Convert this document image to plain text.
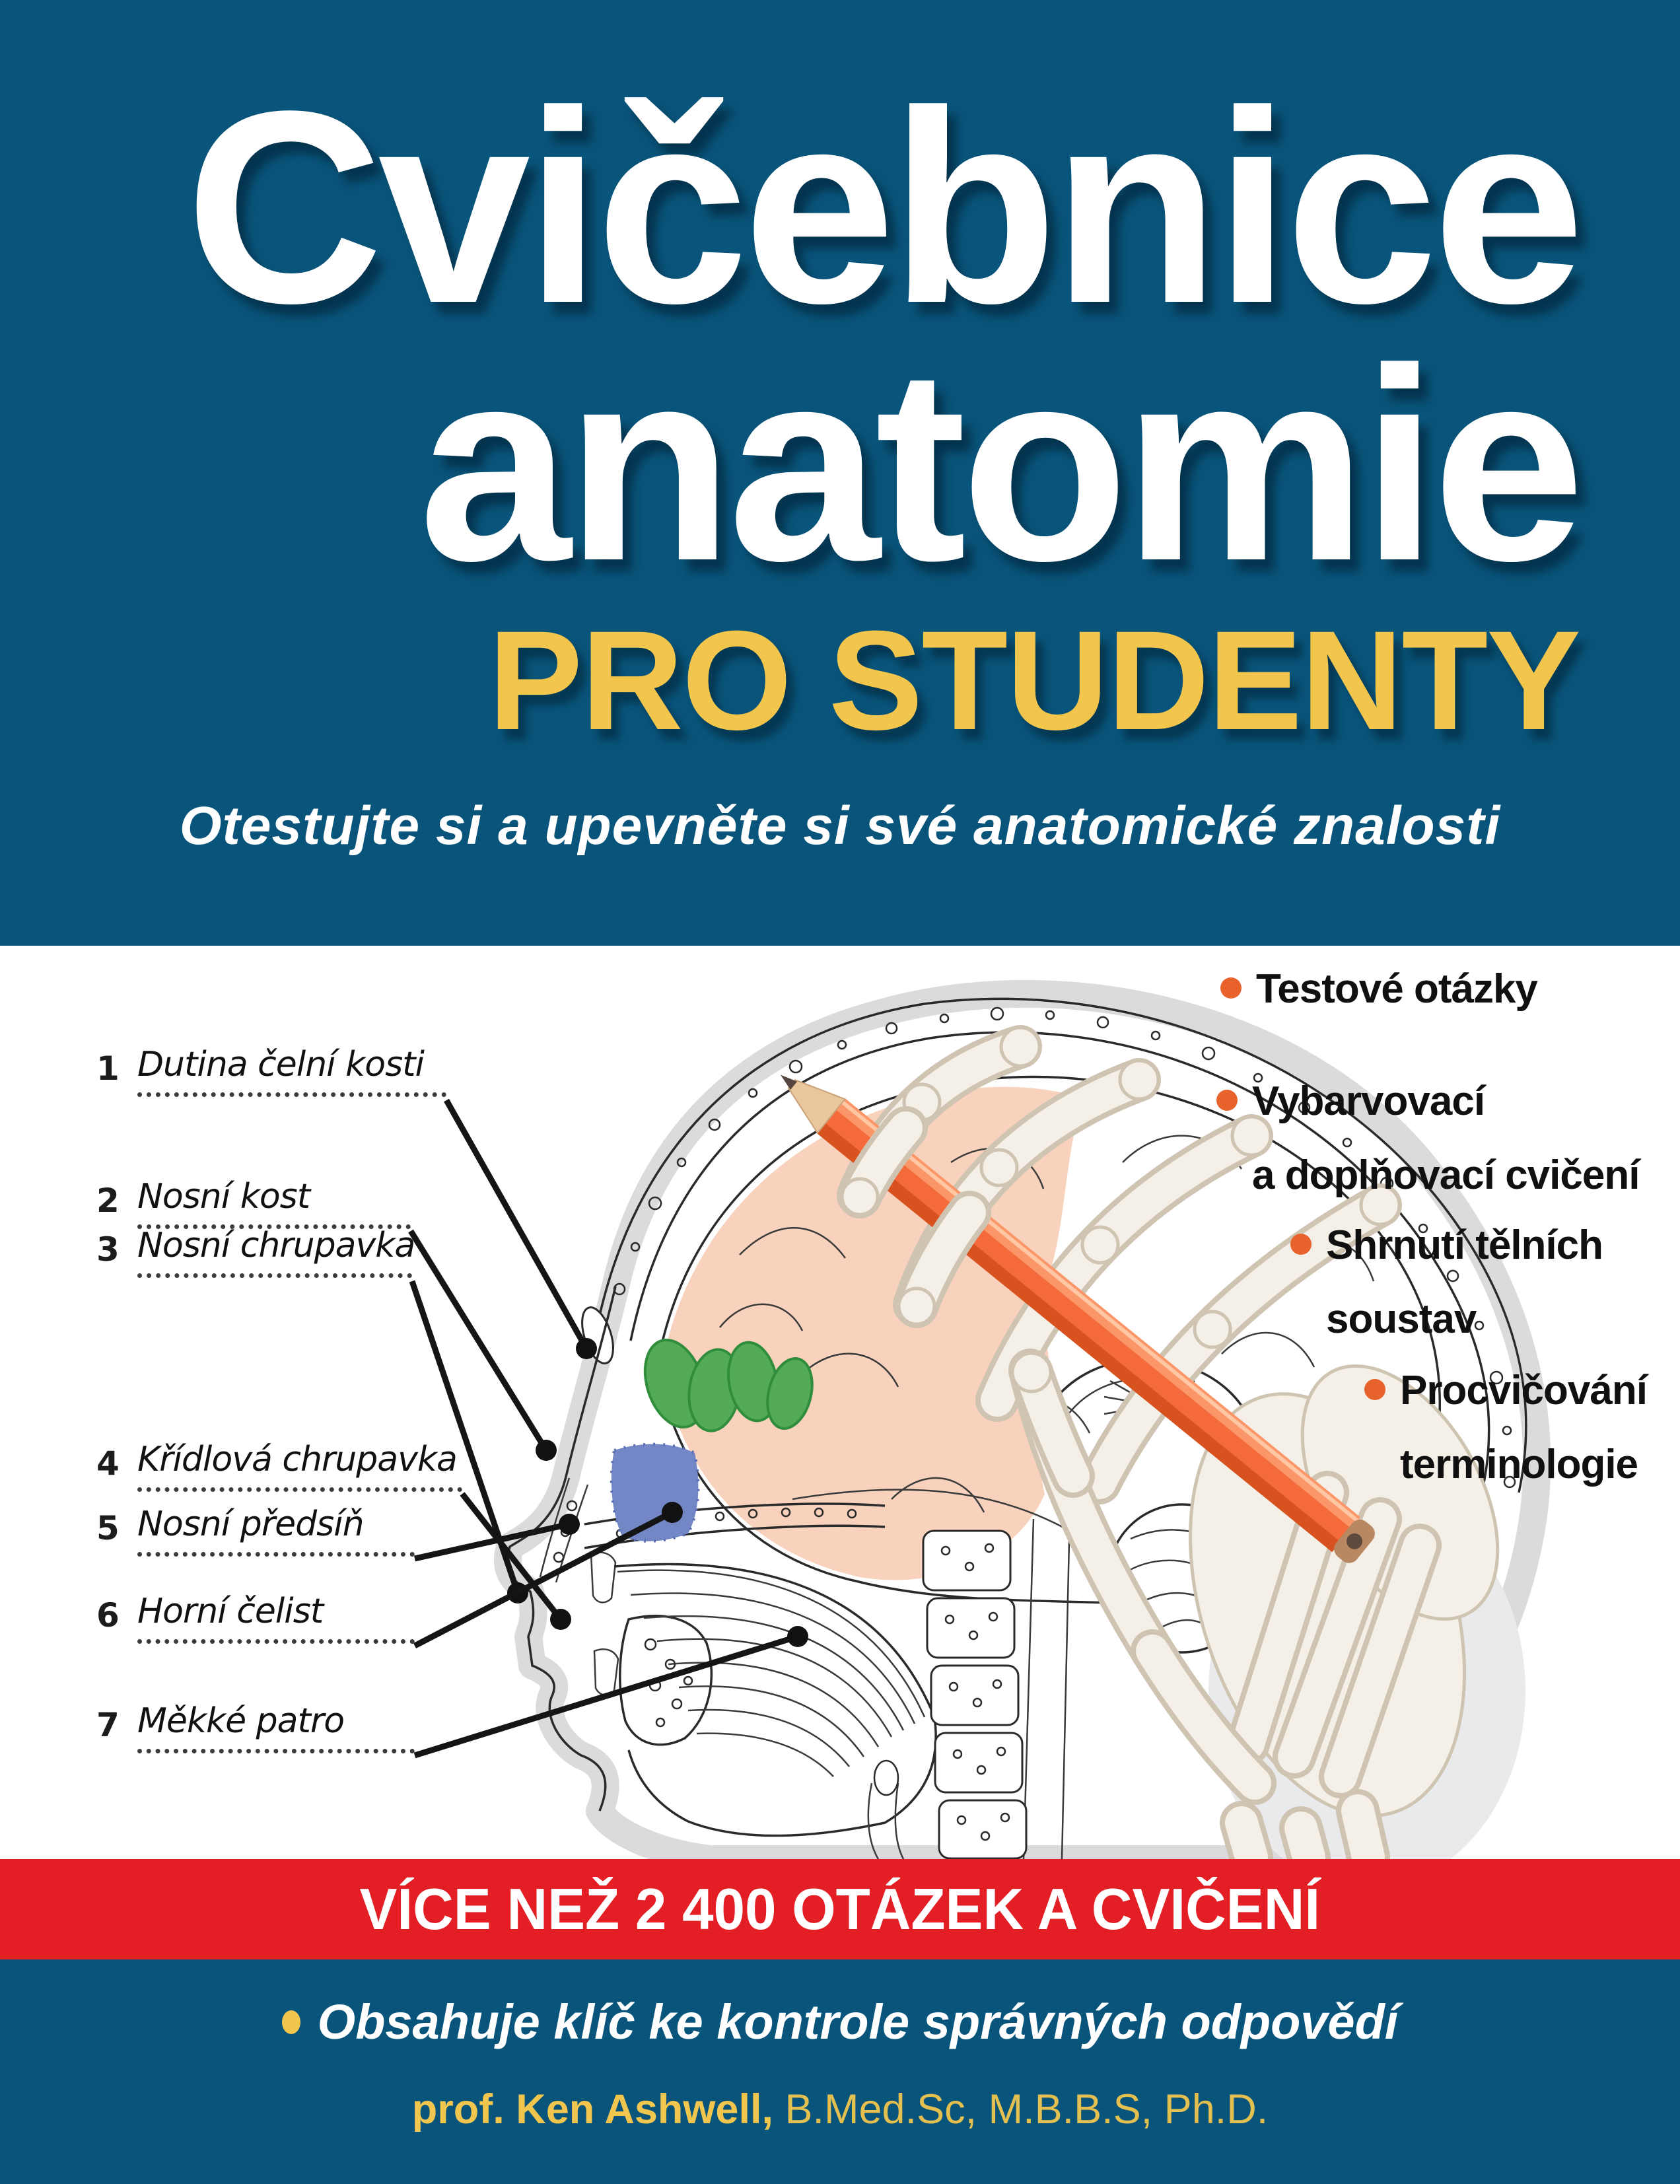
Cvičebnice
anatomie
PRO STUDENTY
Otestujte si a upevněte si své anatomické znalosti
1 Dutina čelní kosti
2 Nosní kost
3 Nosní chrupavka
4 Křídlová chrupavka
5 Nosní předsíň
6 Horní čelist
7 Měkké patro
Testové otázky
Vybarvovací
a doplňovací cvičení
Shrnutí tělních
soustav
Procvičování
terminologie
VÍCE NEŽ 2 400 OTÁZEK A CVIČENÍ
Obsahuje klíč ke kontrole správných odpovědí
prof. Ken Ashwell, B.Med.Sc, M.B.B.S, Ph.D.
